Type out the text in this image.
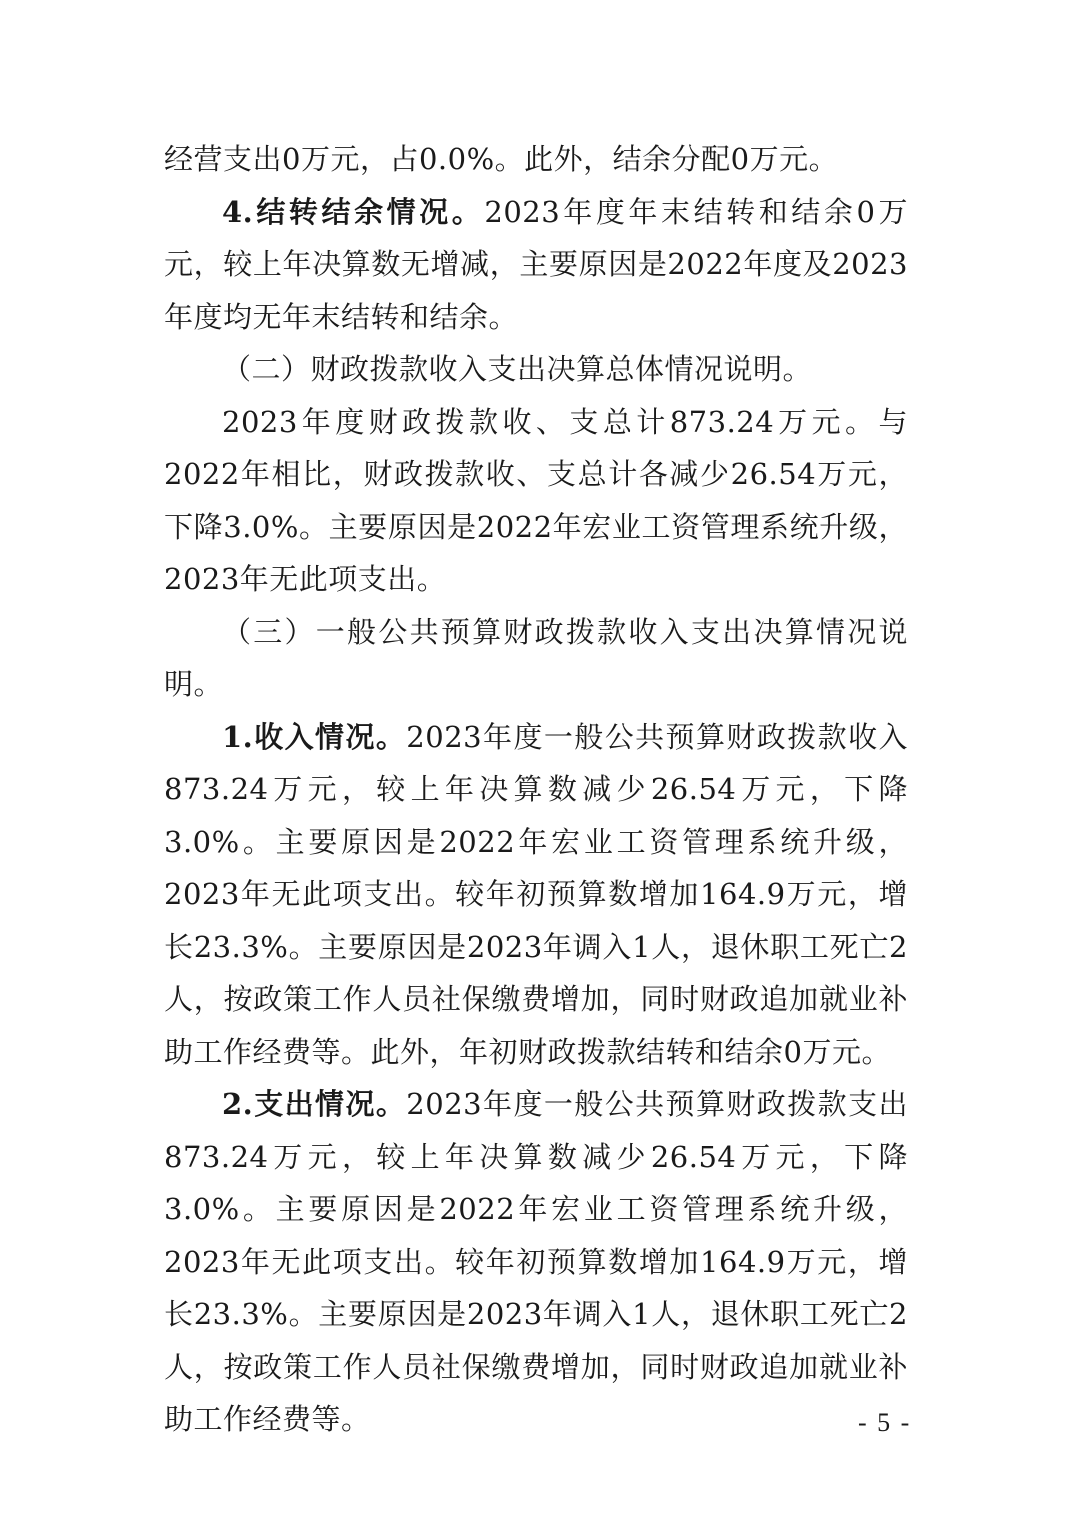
经营支出0万元，占0.0%。此外，结余分配0万元。

4.结转结余情况。2023年度年末结转和结余0万元，较上年决算数无增减，主要原因是2022年度及2023年度均无年末结转和结余。

（二）财政拨款收入支出决算总体情况说明。

2023年度财政拨款收、支总计873.24万元。与2022年相比，财政拨款收、支总计各减少26.54万元，下降3.0%。主要原因是2022年宏业工资管理系统升级，2023年无此项支出。

（三）一般公共预算财政拨款收入支出决算情况说明。

1.收入情况。2023年度一般公共预算财政拨款收入873.24万元，较上年决算数减少26.54万元，下降3.0%。主要原因是2022年宏业工资管理系统升级，2023年无此项支出。较年初预算数增加164.9万元，增长23.3%。主要原因是2023年调入1人，退休职工死亡2人，按政策工作人员社保缴费增加，同时财政追加就业补助工作经费等。此外，年初财政拨款结转和结余0万元。

2.支出情况。2023年度一般公共预算财政拨款支出873.24万元，较上年决算数减少26.54万元，下降3.0%。主要原因是2022年宏业工资管理系统升级，2023年无此项支出。较年初预算数增加164.9万元，增长23.3%。主要原因是2023年调入1人，退休职工死亡2人，按政策工作人员社保缴费增加，同时财政追加就业补助工作经费等。	- 5 -
